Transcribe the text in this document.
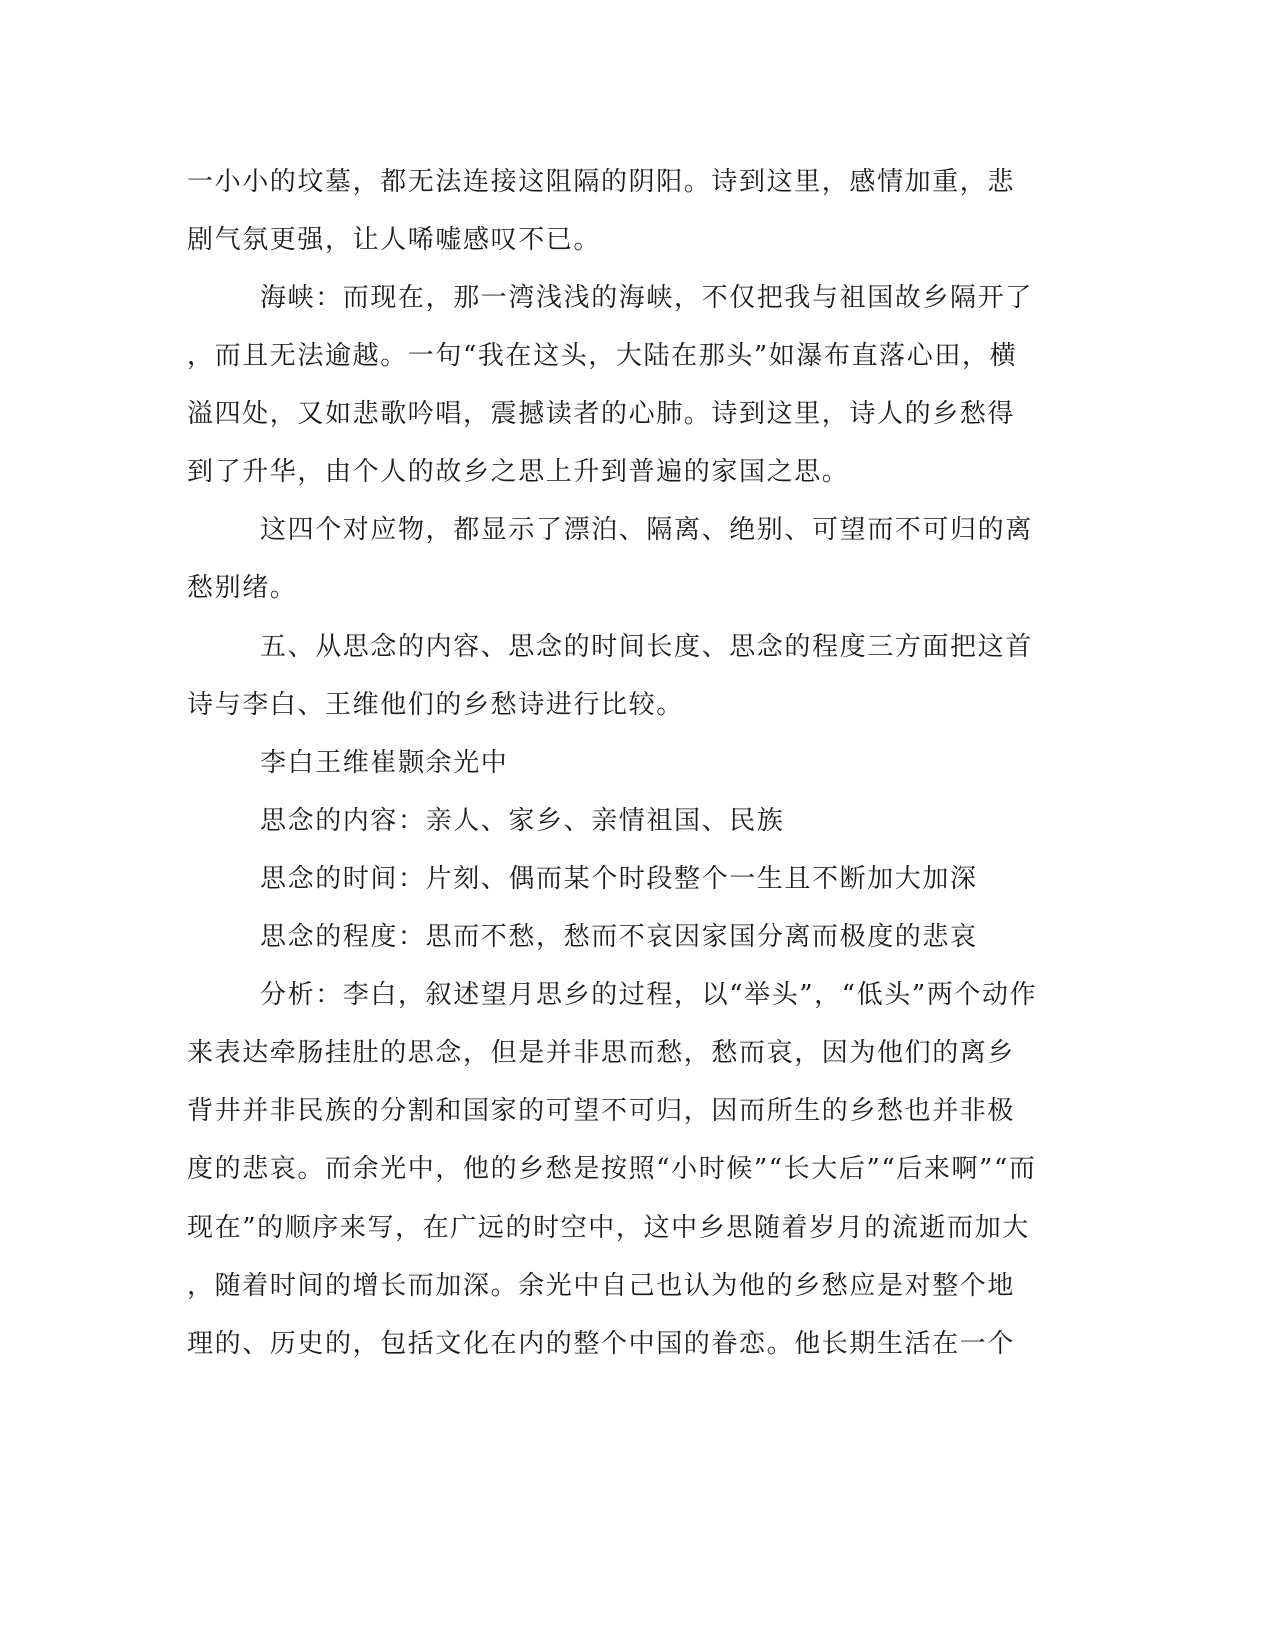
一小小的坟墓，都无法连接这阻隔的阴阳。诗到这里，感情加重，悲
剧气氛更强，让人唏嘘感叹不已。
海峡：而现在，那一湾浅浅的海峡，不仅把我与祖国故乡隔开了
，而且无法逾越。一句“我在这头，大陆在那头”如瀑布直落心田，横
溢四处，又如悲歌吟唱，震撼读者的心肺。诗到这里，诗人的乡愁得
到了升华，由个人的故乡之思上升到普遍的家国之思。
这四个对应物，都显示了漂泊、隔离、绝别、可望而不可归的离
愁别绪。
五、从思念的内容、思念的时间长度、思念的程度三方面把这首
诗与李白、王维他们的乡愁诗进行比较。
李白王维崔颢余光中
思念的内容：亲人、家乡、亲情祖国、民族
思念的时间：片刻、偶而某个时段整个一生且不断加大加深
思念的程度：思而不愁，愁而不哀因家国分离而极度的悲哀
分析：李白，叙述望月思乡的过程，以“举头”，“低头”两个动作
来表达牵肠挂肚的思念，但是并非思而愁，愁而哀，因为他们的离乡
背井并非民族的分割和国家的可望不可归，因而所生的乡愁也并非极
度的悲哀。而余光中，他的乡愁是按照“小时候”“长大后”“后来啊”“而
现在”的顺序来写，在广远的时空中，这中乡思随着岁月的流逝而加大
，随着时间的增长而加深。余光中自己也认为他的乡愁应是对整个地
理的、历史的，包括文化在内的整个中国的眷恋。他长期生活在一个
